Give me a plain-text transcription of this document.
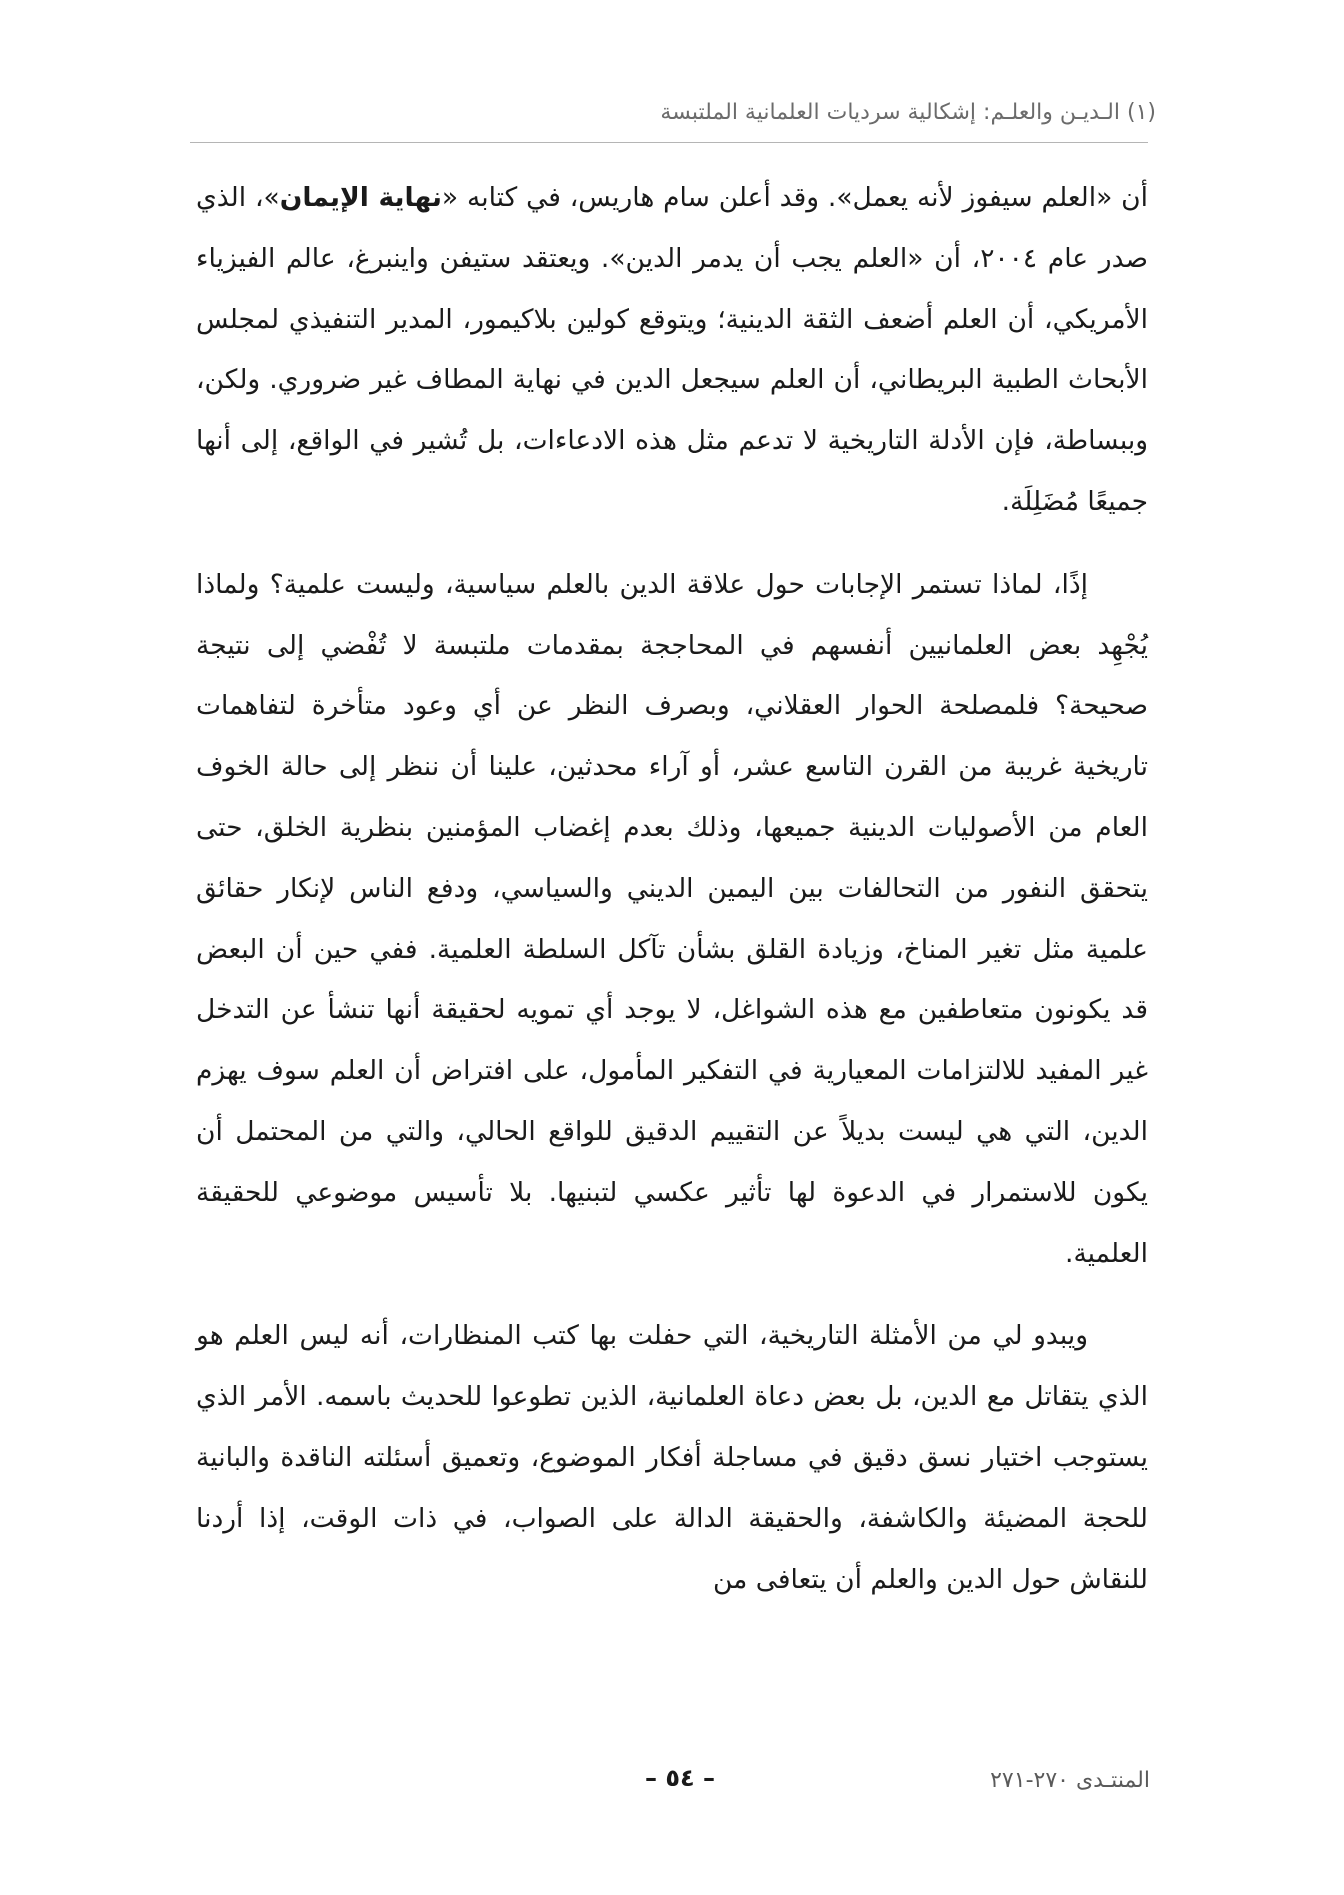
(١) الـديـن والعلـم: إشكالية سرديات العلمانية الملتبسة

أن «العلم سيفوز لأنه يعمل». وقد أعلن سام هاريس، في كتابه «نهاية الإيمان»، الذي صدر عام ٢٠٠٤، أن «العلم يجب أن يدمر الدين». ويعتقد ستيفن واينبرغ، عالم الفيزياء الأمريكي، أن العلم أضعف الثقة الدينية؛ ويتوقع كولين بلاكيمور، المدير التنفيذي لمجلس الأبحاث الطبية البريطاني، أن العلم سيجعل الدين في نهاية المطاف غير ضروري. ولكن، وببساطة، فإن الأدلة التاريخية لا تدعم مثل هذه الادعاءات، بل تُشير في الواقع، إلى أنها جميعًا مُضَلِلَة.

إذًا، لماذا تستمر الإجابات حول علاقة الدين بالعلم سياسية، وليست علمية؟ ولماذا يُجْهِد بعض العلمانيين أنفسهم في المحاججة بمقدمات ملتبسة لا تُفْضي إلى نتيجة صحيحة؟ فلمصلحة الحوار العقلاني، وبصرف النظر عن أي وعود متأخرة لتفاهمات تاريخية غريبة من القرن التاسع عشر، أو آراء محدثين، علينا أن ننظر إلى حالة الخوف العام من الأصوليات الدينية جميعها، وذلك بعدم إغضاب المؤمنين بنظرية الخلق، حتى يتحقق النفور من التحالفات بين اليمين الديني والسياسي، ودفع الناس لإنكار حقائق علمية مثل تغير المناخ، وزيادة القلق بشأن تآكل السلطة العلمية. ففي حين أن البعض قد يكونون متعاطفين مع هذه الشواغل، لا يوجد أي تمويه لحقيقة أنها تنشأ عن التدخل غير المفيد للالتزامات المعيارية في التفكير المأمول، على افتراض أن العلم سوف يهزم الدين، التي هي ليست بديلاً عن التقييم الدقيق للواقع الحالي، والتي من المحتمل أن يكون للاستمرار في الدعوة لها تأثير عكسي لتبنيها. بلا تأسيس موضوعي للحقيقة العلمية.

ويبدو لي من الأمثلة التاريخية، التي حفلت بها كتب المنظارات، أنه ليس العلم هو الذي يتقاتل مع الدين، بل بعض دعاة العلمانية، الذين تطوعوا للحديث باسمه. الأمر الذي يستوجب اختيار نسق دقيق في مساجلة أفكار الموضوع، وتعميق أسئلته الناقدة والبانية للحجة المضيئة والكاشفة، والحقيقة الدالة على الصواب، في ذات الوقت، إذا أردنا للنقاش حول الدين والعلم أن يتعافى من

المنتـدى ٢٧٠-٢٧١
– ٥٤ –
